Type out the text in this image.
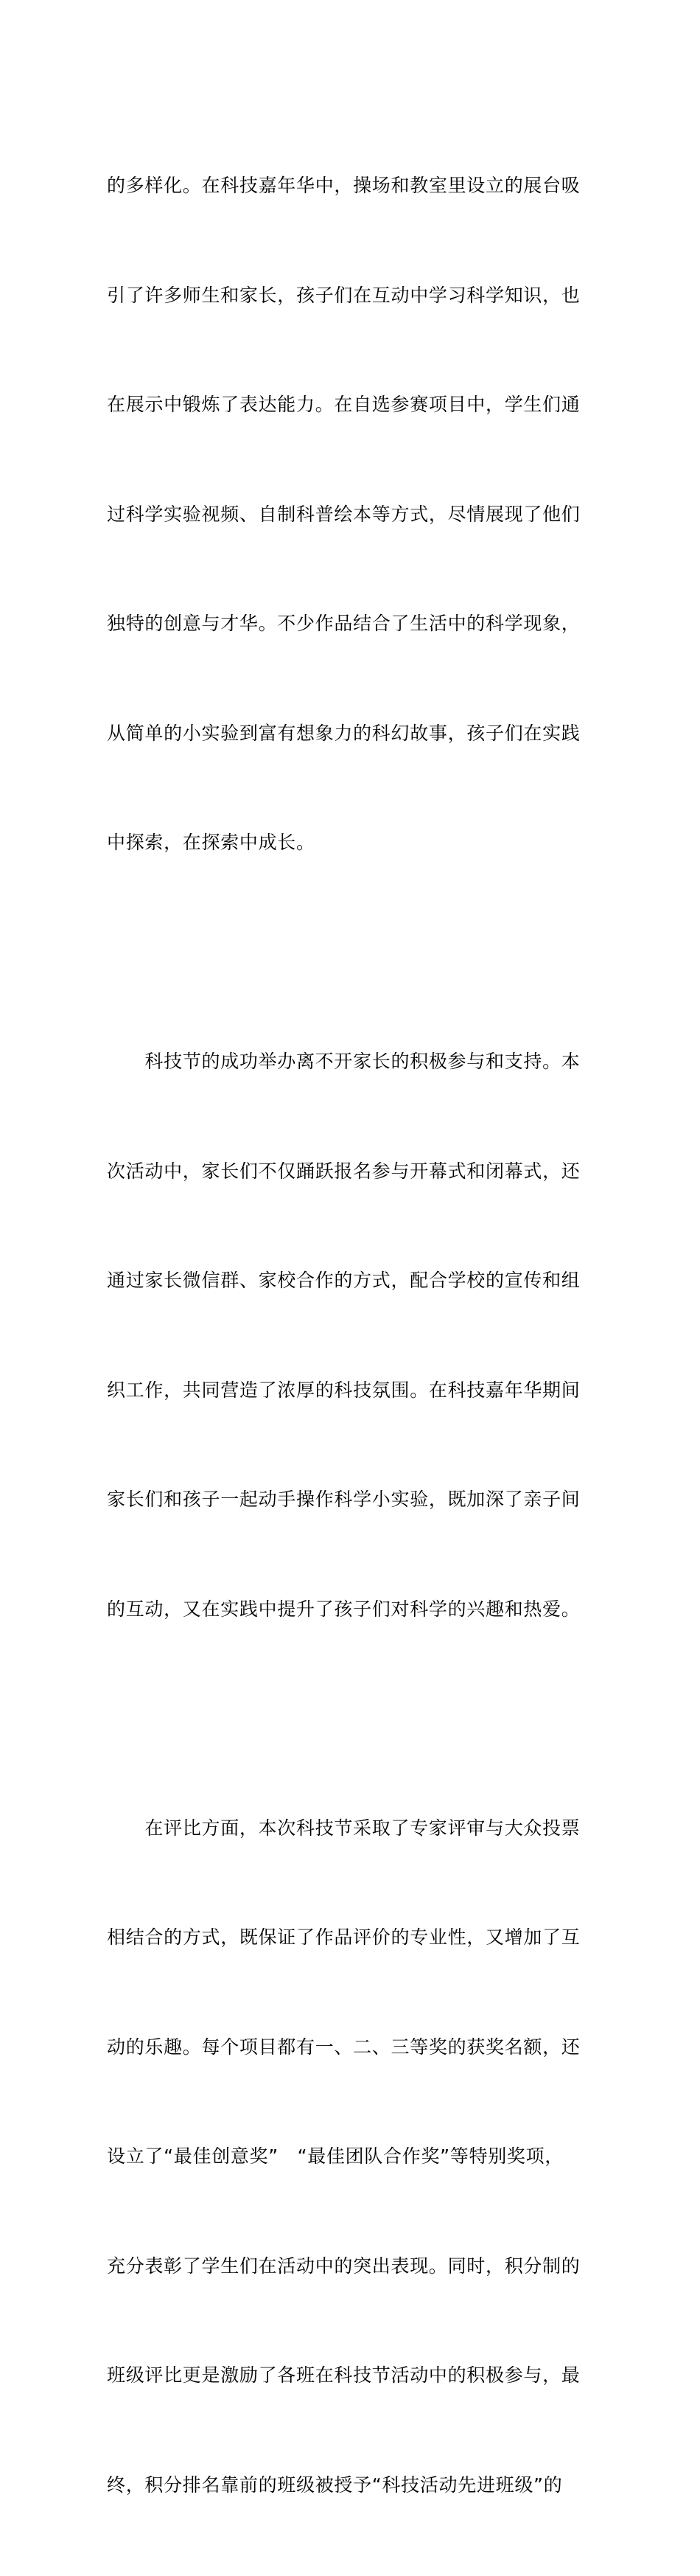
的多样化。在科技嘉年华中，操场和教室里设立的展台吸

引了许多师生和家长，孩子们在互动中学习科学知识，也

在展示中锻炼了表达能力。在自选参赛项目中，学生们通

过科学实验视频、自制科普绘本等方式，尽情展现了他们

独特的创意与才华。不少作品结合了生活中的科学现象，

从简单的小实验到富有想象力的科幻故事，孩子们在实践

中探索，在探索中成长。

　　科技节的成功举办离不开家长的积极参与和支持。本

次活动中，家长们不仅踊跃报名参与开幕式和闭幕式，还

通过家长微信群、家校合作的方式，配合学校的宣传和组

织工作，共同营造了浓厚的科技氛围。在科技嘉年华期间

家长们和孩子一起动手操作科学小实验，既加深了亲子间

的互动，又在实践中提升了孩子们对科学的兴趣和热爱。

　　在评比方面，本次科技节采取了专家评审与大众投票

相结合的方式，既保证了作品评价的专业性，又增加了互

动的乐趣。每个项目都有一、二、三等奖的获奖名额，还

设立了“最佳创意奖”　“最佳团队合作奖”等特别奖项，

充分表彰了学生们在活动中的突出表现。同时，积分制的

班级评比更是激励了各班在科技节活动中的积极参与，最

终，积分排名靠前的班级被授予“科技活动先进班级”的
